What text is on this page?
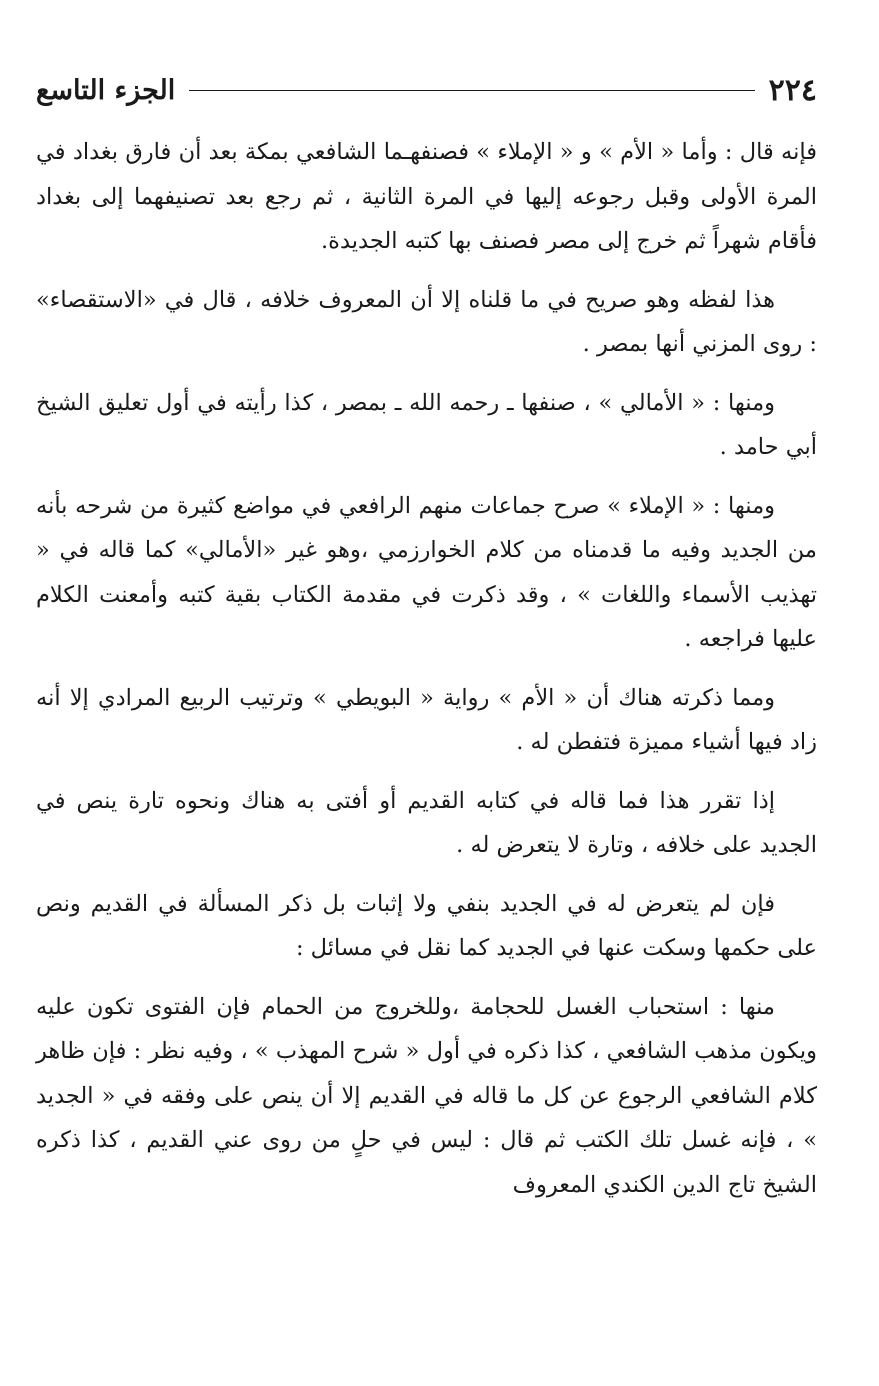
٢٢٤
الجزء التاسع

فإنه قال : وأما « الأم » و « الإملاء » فصنفهـما الشافعي بمكة بعد أن فارق بغداد في المرة الأولى وقبل رجوعه إليها في المرة الثانية ، ثم رجع بعد تصنيفهما إلى بغداد فأقام شهراً ثم خرج إلى مصر فصنف بها كتبه الجديدة.

هذا لفظه وهو صريح في ما قلناه إلا أن المعروف خلافه ، قال في «الاستقصاء» : روى المزني أنها بمصر .

ومنها : « الأمالي » ، صنفها ـ رحمه الله ـ بمصر ، كذا رأيته في أول تعليق الشيخ أبي حامد .

ومنها : « الإملاء » صرح جماعات منهم الرافعي في مواضع كثيرة من شرحه بأنه من الجديد وفيه ما قدمناه من كلام الخوارزمي ،وهو غير «الأمالي» كما قاله في « تهذيب الأسماء واللغات » ، وقد ذكرت في مقدمة الكتاب بقية كتبه وأمعنت الكلام عليها فراجعه .

ومما ذكرته هناك أن « الأم » رواية « البويطي » وترتيب الربيع المرادي إلا أنه زاد فيها أشياء مميزة فتفطن له .

إذا تقرر هذا فما قاله في كتابه القديم أو أفتى به هناك ونحوه تارة ينص في الجديد على خلافه ، وتارة لا يتعرض له .

فإن لم يتعرض له في الجديد بنفي ولا إثبات بل ذكر المسألة في القديم ونص على حكمها وسكت عنها في الجديد كما نقل في مسائل :

منها : استحباب الغسل للحجامة ،وللخروج من الحمام فإن الفتوى تكون عليه ويكون مذهب الشافعي ، كذا ذكره في أول « شرح المهذب » ، وفيه نظر : فإن ظاهر كلام الشافعي الرجوع عن كل ما قاله في القديم إلا أن ينص على وفقه في « الجديد » ، فإنه غسل تلك الكتب ثم قال : ليس في حلٍ من روى عني القديم ، كذا ذكره الشيخ تاج الدين الكندي المعروف
